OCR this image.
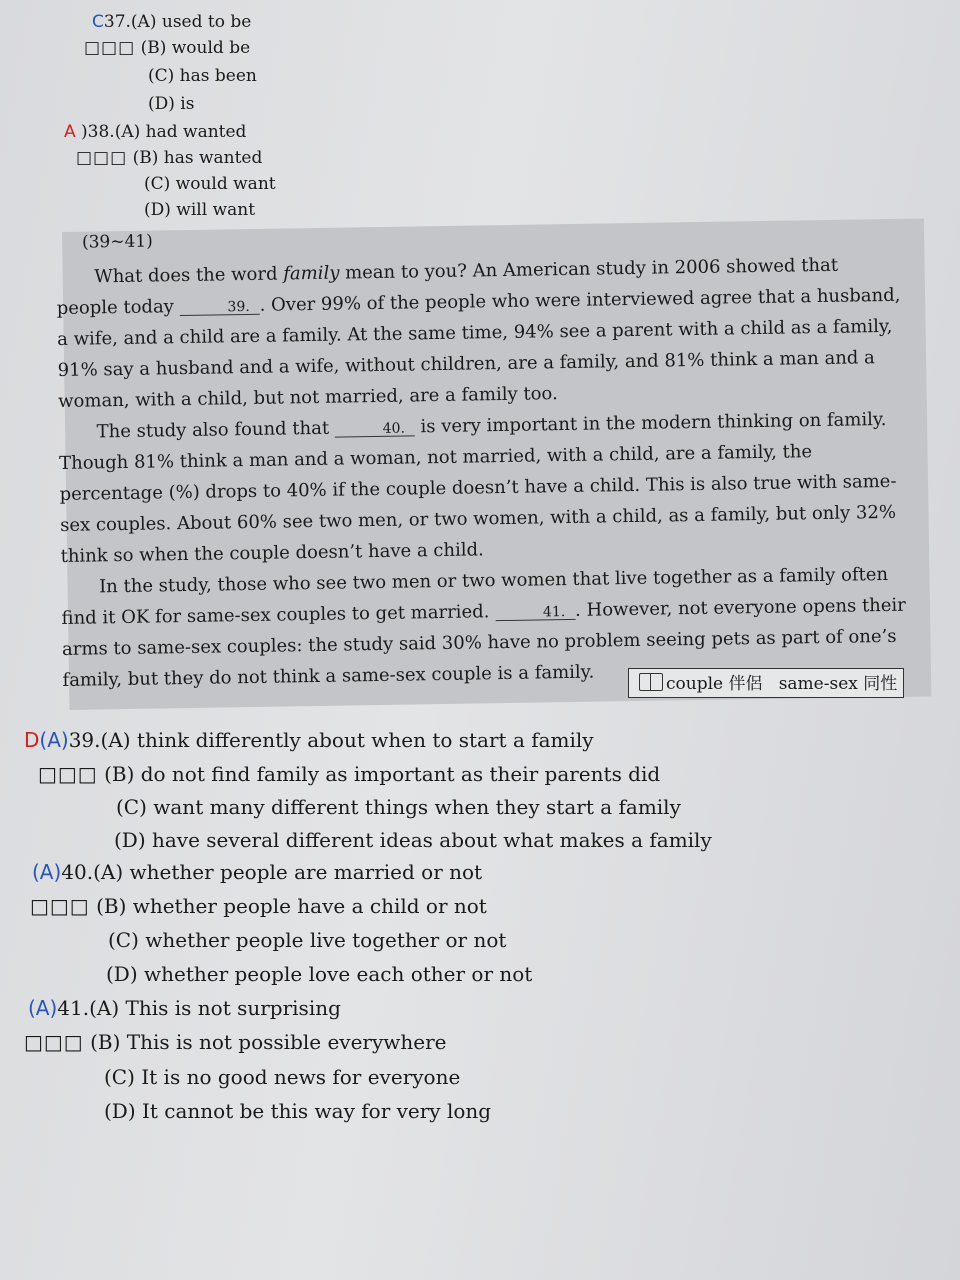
C37.(A) used to be
□□□ (B) would be
(C) has been
(D) is
A )38.(A) had wanted
□□□ (B) has wanted
(C) would want
(D) will want
(39~41)

What does the word family mean to you? An American study in 2006 showed that people today	39. . Over 99% of the people who were interviewed agree that a husband, a wife, and a child are a family. At the same time, 94% see a parent with a child as a family, 91% say a husband and a wife, without children, are a family, and 81% think a man and a woman, with a child, but not married, are a family too.

The study also found that	40. is very important in the modern thinking on family. Though 81% think a man and a woman, not married, with a child, are a family, the percentage (%) drops to 40% if the couple doesn’t have a child. This is also true with same-sex couples. About 60% see two men, or two women, with a child, as a family, but only 32% think so when the couple doesn’t have a child.

In the study, those who see two men or two women that live together as a family often find it OK for same-sex couples to get married.	41. . However, not everyone opens their arms to same-sex couples: the study said 30% have no problem seeing pets as part of one’s family, but they do not think a same-sex couple is a family.	couple 伴侶   same-sex 同性
D(A)39.(A) think differently about when to start a family
□□□ (B) do not find family as important as their parents did
(C) want many different things when they start a family
(D) have several different ideas about what makes a family
(A)40.(A) whether people are married or not
□□□ (B) whether people have a child or not
(C) whether people live together or not
(D) whether people love each other or not
(A)41.(A) This is not surprising
□□□ (B) This is not possible everywhere
(C) It is no good news for everyone
(D) It cannot be this way for very long
